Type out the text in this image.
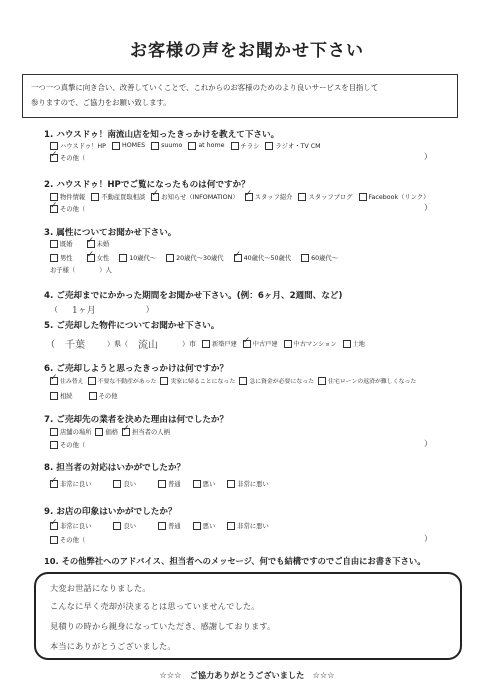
お客様の声をお聞かせ下さい
一つ一つ真摯に向き合い、改善していくことで、これからのお客様のためのより良いサービスを目指して
参りますので、ご協力をお願い致します。
1. ハウスドゥ！南流山店を知ったきっかけを教えて下さい。
ハウスドゥ！HP	HOMES	suumo	at home	チラシ	ラジオ・TV CM
✓
その他（	）
2. ハウスドゥ！HPでご覧になったものは何ですか？
物件情報	不動産買取相談 ✓	お知らせ（INFOMATION） ✓	スタッフ紹介	スタッフブログ	Facebook（リンク）
✓
その他（	）
3. 属性についてお聞かせ下さい。
既婚 ✓	未婚
男性 ✓	女性	10歳代～	20歳代～30歳代 ✓	40歳代～50歳代	60歳代～
お子様（	）人
4. ご売却までにかかった期間をお聞かせ下さい。(例：6ヶ月、2週間、など)
（ 1ヶ月	）
5. ご売却した物件についてお聞かせ下さい。
（ 千葉	）県（ 流山	）市	新築戸建 ✓	中古戸建	中古マンション	土地
6. ご売却しようと思ったきっかけは何ですか？
✓
住み替え 不要な不動産があった 実家に帰ることになった 急に資金が必要になった 住宅ローンの返済が難しくなった
相続	その他
7. ご売却先の業者を決めた理由は何でしたか？
店舗の場所 価格 ✓ 担当者の人柄
その他（	）
8. 担当者の対応はいかがでしたか？
✓
非常に良い	良い	普通	悪い	非常に悪い
9. お店の印象はいかがでしたか？
✓
非常に良い	良い	普通	悪い	非常に悪い
その他（	）
10. その他弊社へのアドバイス、担当者へのメッセージ、何でも結構ですのでご自由にお書き下さい。
大変お世話になりました。
こんなに早く売却が決まるとは思っていませんでした。
見積りの時から親身になっていただき、感謝しております。
本当にありがとうございました。
☆☆☆　ご協力ありがとうございました　☆☆☆
